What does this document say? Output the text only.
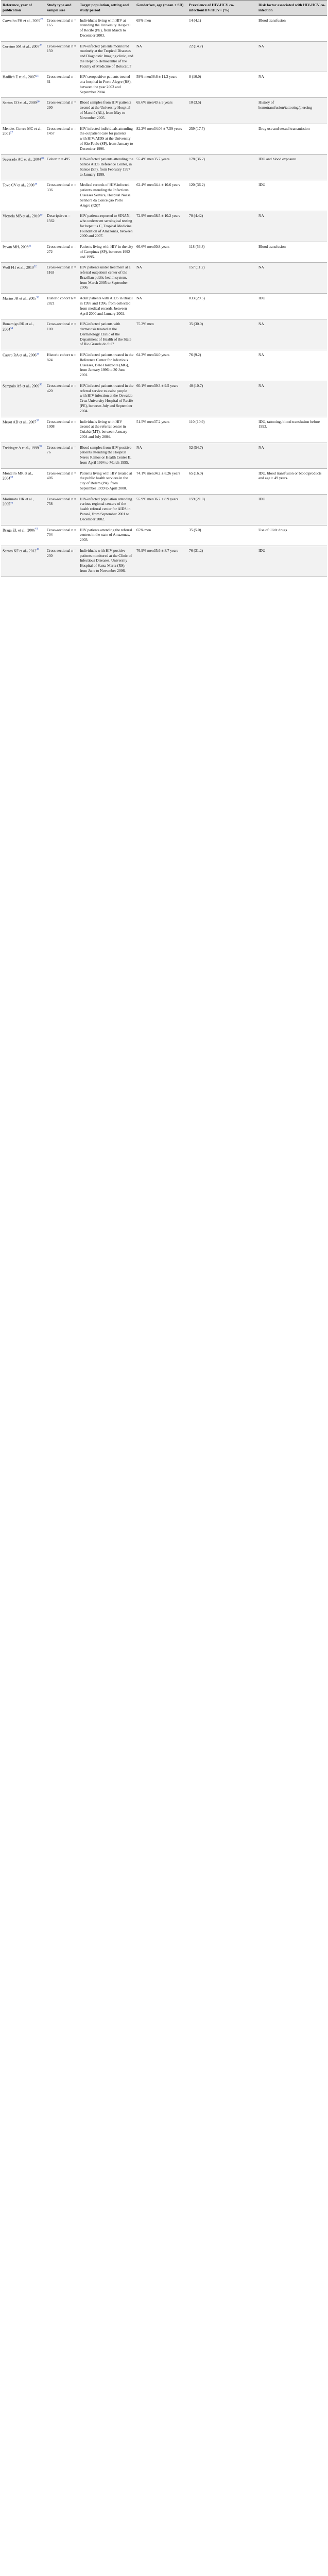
Reference, year of publication	Study type and sample size	Target population, setting and study period	Gender/sex, age (mean ± SD)	Prevalence of HIV-HCV co-infectionHIV/HCV+ (%)	Risk factor associated with HIV-HCV co-infection
Carvalho FH et al., 2009$^{23}$	Cross-sectional n = 165	Individuals living with HIV at attending the University Hospital of Recife (PE), from March to December 2003.	65% men	14 (4.1)	Blood transfusion
Corvino SM et al., 2007$^{24}$	Cross-sectional n = 150	HIV-infected patients monitored routinely at the Tropical Diseases and Diagnostic Imaging clinic, and the Hepatic-Hemocentre of the Faculty of Medicine of Botucatu?	NA	22 (14.7)	NA
Hadlich E et al., 2007$^{25}$	Cross-sectional n = 61	HIV-seropositive patients treated at a hospital in Porto Alegre (RS), between the year 2003 and September 2004.	59% men38.6 ± 11.3 years	8 (10.0)	NA
Santos EO et al., 2009$^{26}$	Cross-sectional n = 290	Blood samples from HIV patients treated at the University Hospital of Maceió (AL), from May to November 2005.	65.6% men43 ± 9 years	10 (3.5)	History of hemotransfusion/tattooing/piercing
Mendes-Correa MC et al., 2001$^{27}$	Cross-sectional n = 1457	HIV-infected individuals attending the outpatient care for patients with HIV/AIDS at the University of São Paulo (SP), from January to December 1996.	82.2% men34.06 ± 7.59 years	259 (17.7)	Drug use and sexual transmission
Segurado AC et al., 2004$^{28}$	Cohort n = 495	HIV-infected patients attending the Santos AIDS Reference Center, in Santos (SP), from February 1997 to January 1999.	55.4% men35.7 years	178 (36.2)	IDU and blood exposure
Tovo CV et al., 2006$^{29}$	Cross-sectional n = 336	Medical records of HIV-infected patients attending the Infectious Diseases Service, Hospital Nossa Senhora da Conceição Porto Alegre (RS)?	62.4% men34.4 ± 10.6 years	120 (36.2)	IDU
Victoria MB et al., 2010$^{30}$	Descriptive n = 1562	HIV patients reported to SINAN, who underwent serological testing for hepatitis C, Tropical Medicine Foundation of Amazonas, between 2000 and 2007.	72.9% men38.5 ± 10.2 years	70 (4.42)	NA
Pavan MH, 2003$^{31}$	Cross-sectional n = 272	Patients living with HIV in the city of Campinas (SP), between 1992 and 1995.	66.6% men30.8 years	118 (53.8)	Blood transfusion
Wolf FH et al., 2010$^{32}$	Cross-sectional n = 1163	HIV patients under treatment at a referral outpatient center of the Brazilian public health system, from March 2005 to September 2006.	NA	157 (11.2)	NA
Marins JR et al., 2005$^{33}$	Historic cohort n = 2821	Adult patients with AIDS in Brazil in 1995 and 1996, from collected from medical records, between April 2000 and January 2002.	NA	833 (29.5)	IDU
Bonamigo RR et al., 2004$^{34}$	Cross-sectional n = 100	HIV-infected patients with dermatosis treated at the Dermatology Clinic of the Department of Health of the State of Rio Grande do Sul?	75.2% men	35 (30.0)	NA
Castro RA et al., 2006$^{35}$	Historic cohort n = 824	HIV-infected patients treated in the Reference Center for Infectious Diseases, Belo Horizonte (MG), from January 1996 to 30 June 2001.	64.3% men34.0 years	76 (9.2)	NA
Sampaio AS et al., 2009$^{36}$	Cross-sectional n = 420	HIV-infected patients treated in the referral service to assist people with HIV infection at the Oswaldo Cruz University Hospital of Recife (PE), between July and September 2004.	60.1% men39.3 ± 9.5 years	40 (10.7)	NA
Mesot AD et al., 2007$^{37}$	Cross-sectional n = 1008	Individuals living with HIV treated at the referral center in Cuiabá (MT), between January 2004 and July 2004.	51.5% men37.2 years	110 (10.9)	IDU, tattooing, blood transfusion before 1993.
Treitinger A et al., 1999$^{38}$	Cross-sectional n = 76	Blood samples from HIV-positive patients attending the Hospital Nereu Ramos or Health Center II, from April 1994 to March 1995.	NA	52 (54.7)	NA
Monteiro MR et al., 2004$^{39}$	Cross-sectional n = 406	Patients living with HIV treated at the public health services in the city of Belém (PA), from September 1999 to April 2000.	74.1% men34.2 ± 8.26 years	65 (16.0)	IDU, blood transfusion or blood products and age > 49 years.
Morimoto HK et al., 2005$^{40}$	Cross-sectional n = 758	HIV-infected population attending various regional centers of the health referral center for AIDS in Paraná, from September 2001 to December 2002.	55.9% men36.7 ± 8.9 years	159 (21.0)	IDU
Braga EL et al., 2006$^{41}$	Cross-sectional n = 704	HIV patients attending the referral centers in the state of Amazonas, 2003.	65% men	35 (5.0)	Use of illicit drugs
Santos KF et al., 2012$^{42}$	Cross-sectional n = 230	Individuals with HIV-positive patients monitored at the Clinic of Infectious Diseases, University Hospital of Santa Maria (RS), from June to November 2006.	76.9% men35.6 ± 8.7 years	76 (31.2)	IDU
